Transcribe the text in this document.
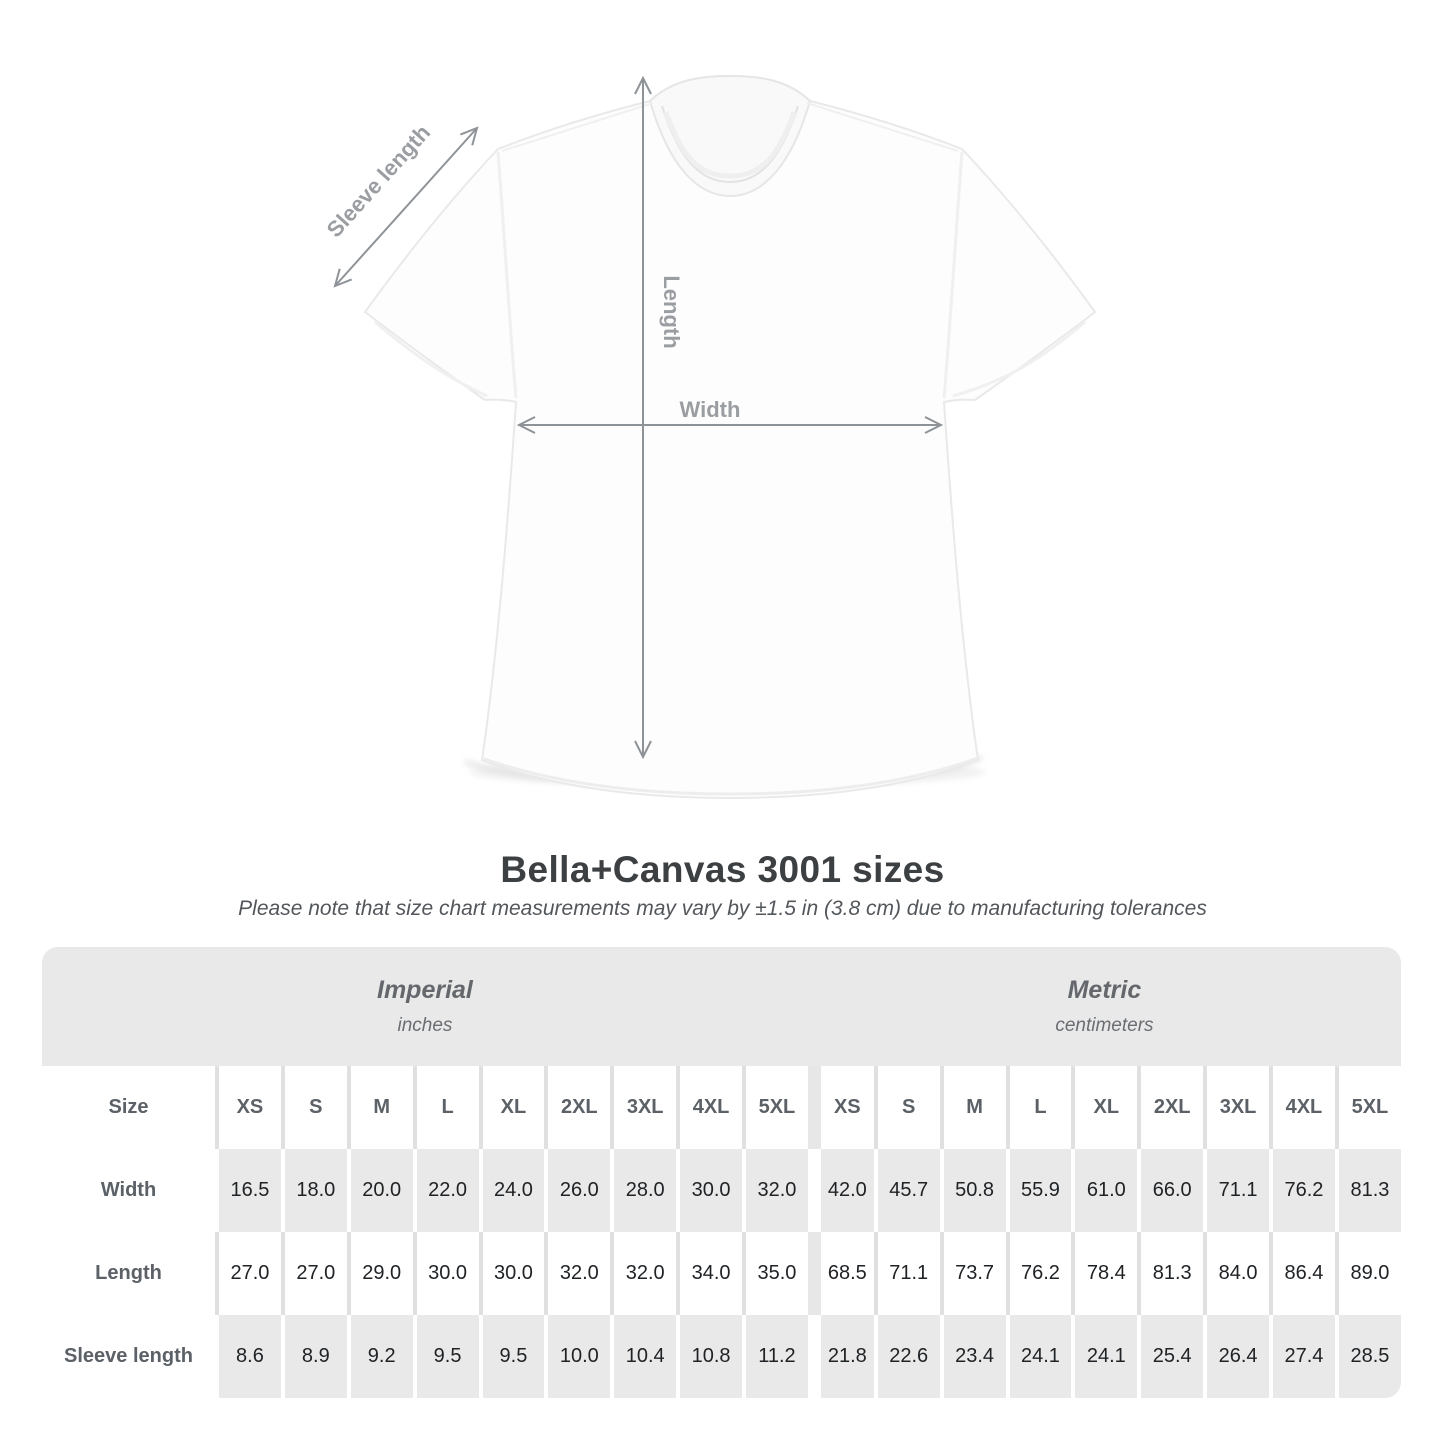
Sleeve length
Length
Width
Bella+Canvas 3001 sizes

Please note that size chart measurements may vary by ±1.5 in (3.8 cm) due to manufacturing tolerances

Imperial
inches										Metric
centimeters								

Size	XS	S	M	L	XL	2XL	3XL	4XL	5XL	XS	S	M	L	XL	2XL	3XL	4XL	5XL
Width	16.5	18.0	20.0	22.0	24.0	26.0	28.0	30.0	32.0	42.0	45.7	50.8	55.9	61.0	66.0	71.1	76.2	81.3
Length	27.0	27.0	29.0	30.0	30.0	32.0	32.0	34.0	35.0	68.5	71.1	73.7	76.2	78.4	81.3	84.0	86.4	89.0
Sleeve length	8.6	8.9	9.2	9.5	9.5	10.0	10.4	10.8	11.2	21.8	22.6	23.4	24.1	24.1	25.4	26.4	27.4	28.5
